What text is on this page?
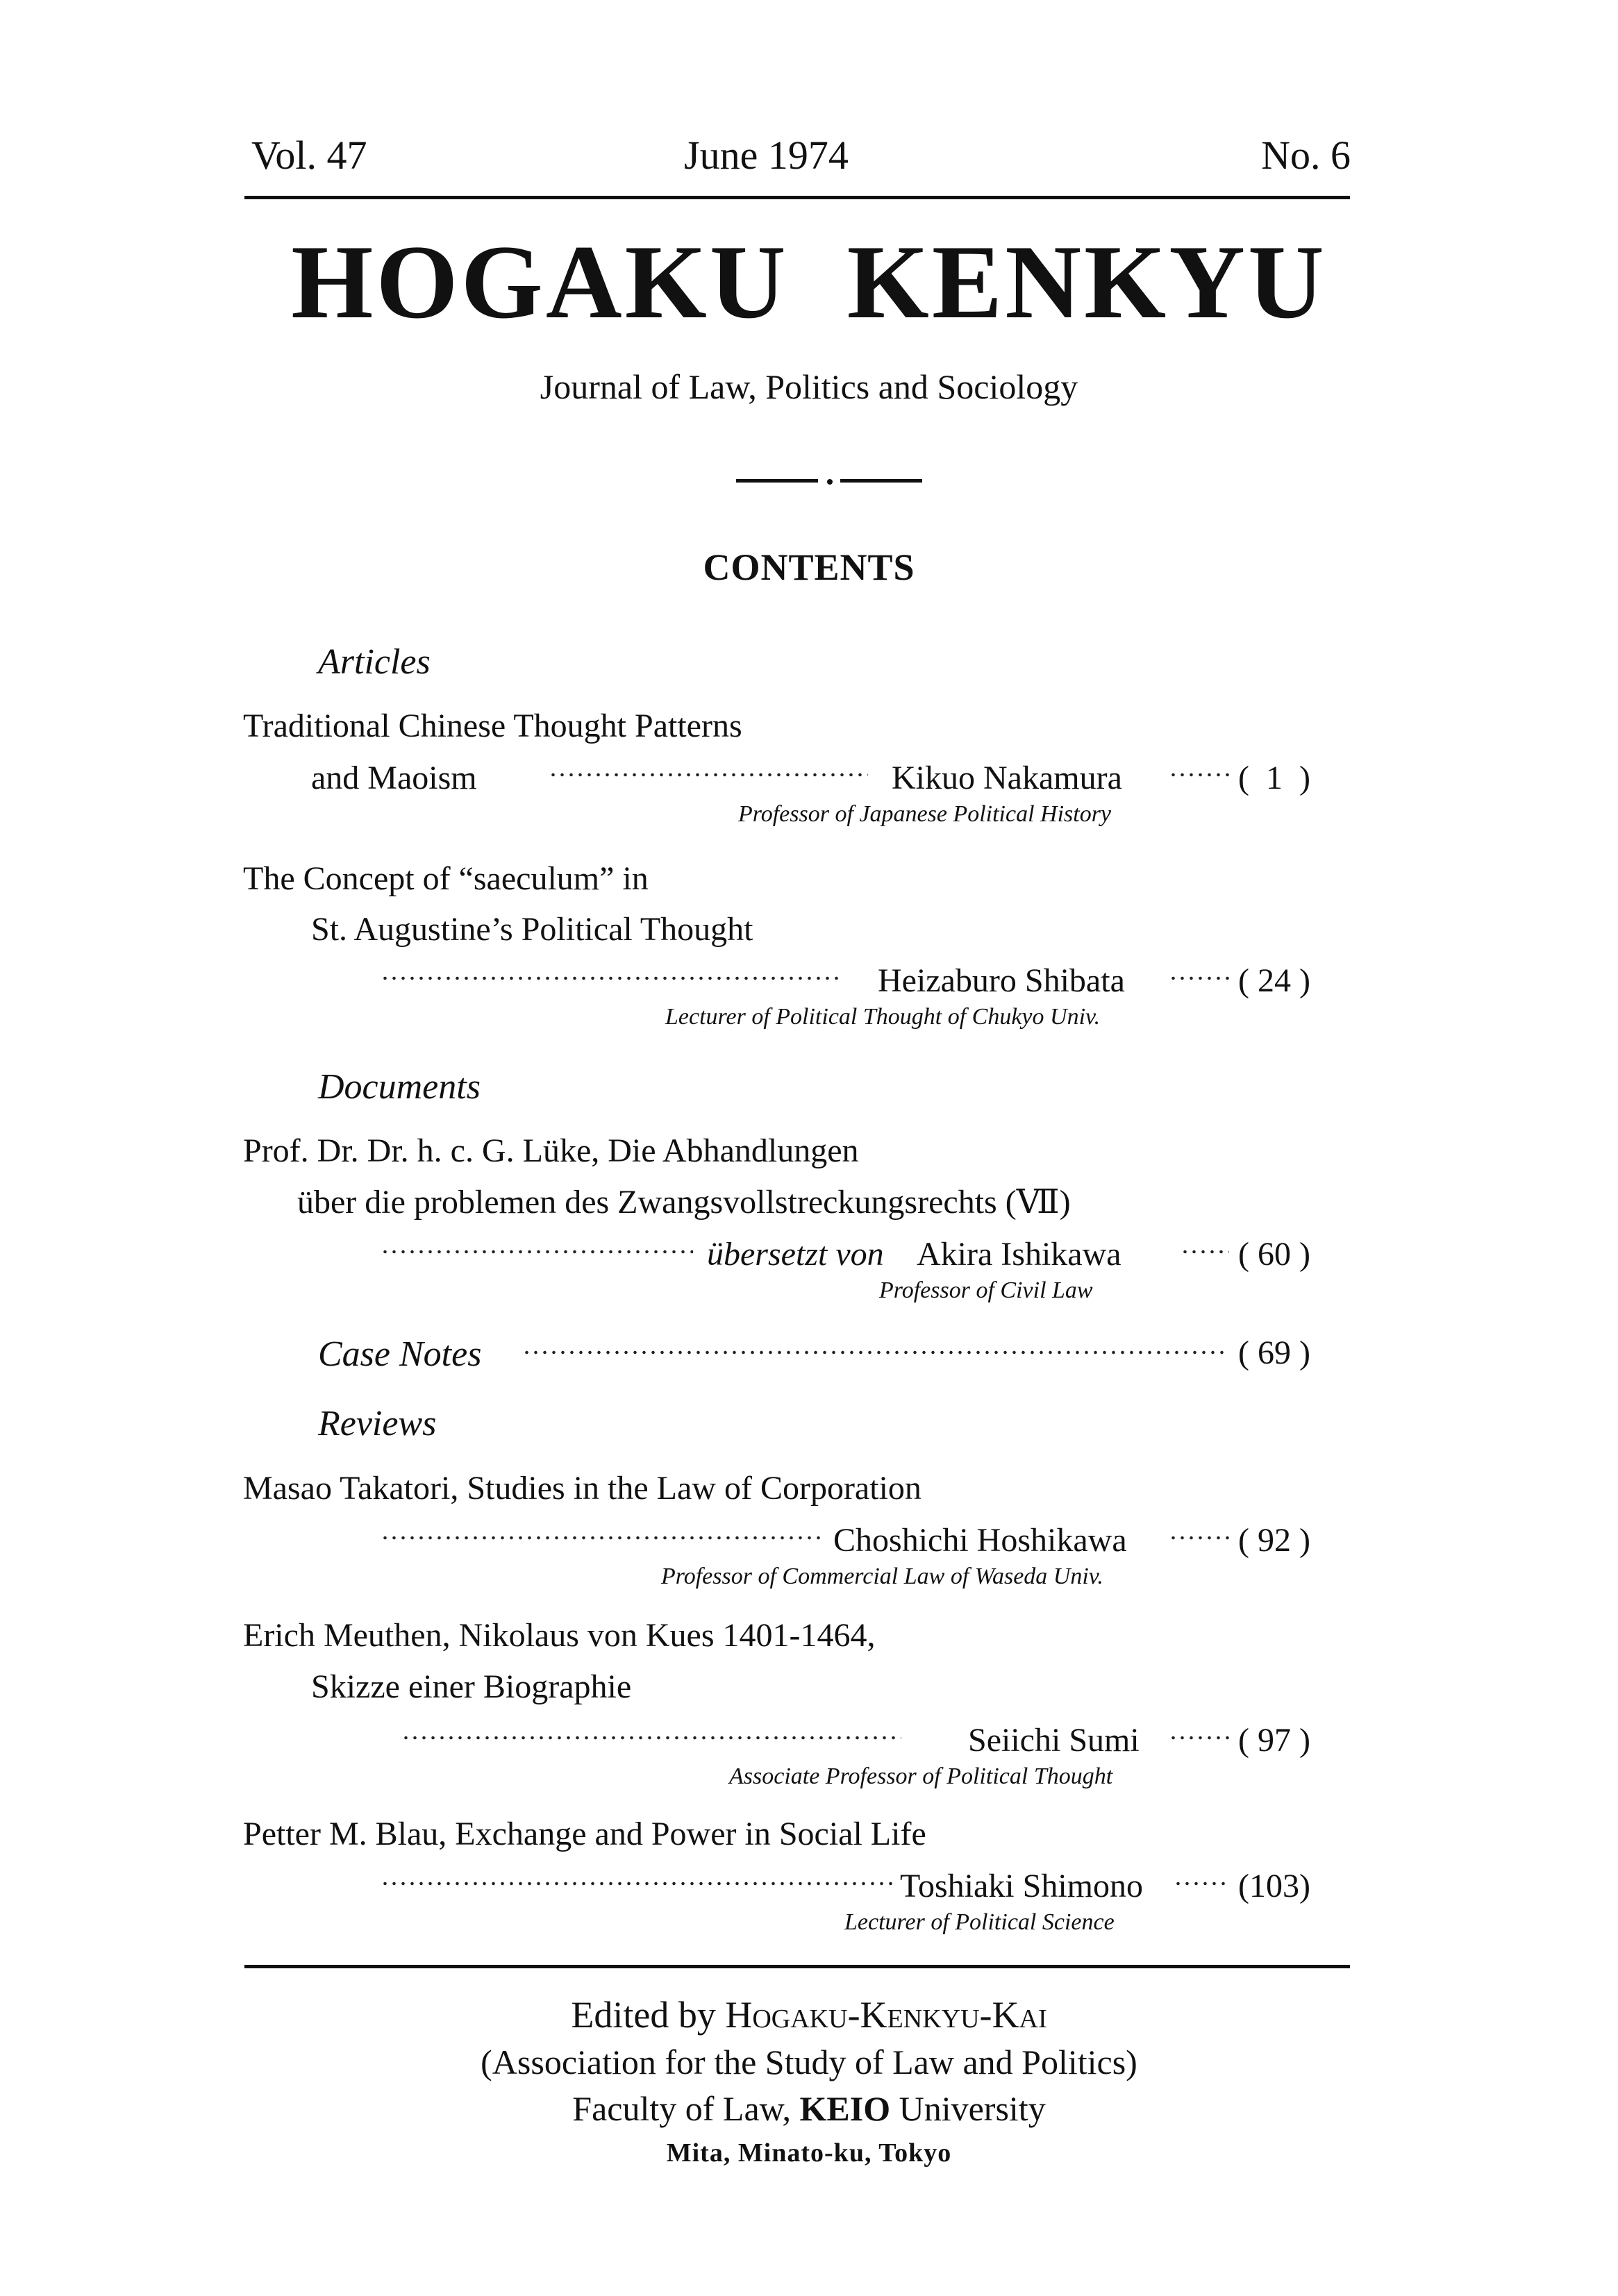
Vol. 47	June 1974	No. 6
HOGAKU  KENKYU
Journal of Law, Politics and Sociology
CONTENTS
Articles
Traditional Chinese Thought Patterns
and Maoism	Kikuo Nakamura	(  1  )
Professor of Japanese Political History
The Concept of “saeculum” in
St. Augustine’s Political Thought
Heizaburo Shibata	( 24 )
Lecturer of Political Thought of Chukyo Univ.
Documents
Prof. Dr. Dr. h. c. G. Lüke, Die Abhandlungen
über die problemen des Zwangsvollstreckungsrechts (Ⅶ)
übersetzt von Akira Ishikawa	( 60 )
Professor of Civil Law
Case Notes	( 69 )
Reviews
Masao Takatori, Studies in the Law of Corporation
Choshichi Hoshikawa	( 92 )
Professor of Commercial Law of Waseda Univ.
Erich Meuthen, Nikolaus von Kues 1401-1464,
Skizze einer Biographie
Seiichi Sumi	( 97 )
Associate Professor of Political Thought
Petter M. Blau, Exchange and Power in Social Life
Toshiaki Shimono	(103)
Lecturer of Political Science
Edited by Hogaku-Kenkyu-Kai
(Association for the Study of Law and Politics)
Faculty of Law, KEIO University
Mita, Minato-ku, Tokyo
